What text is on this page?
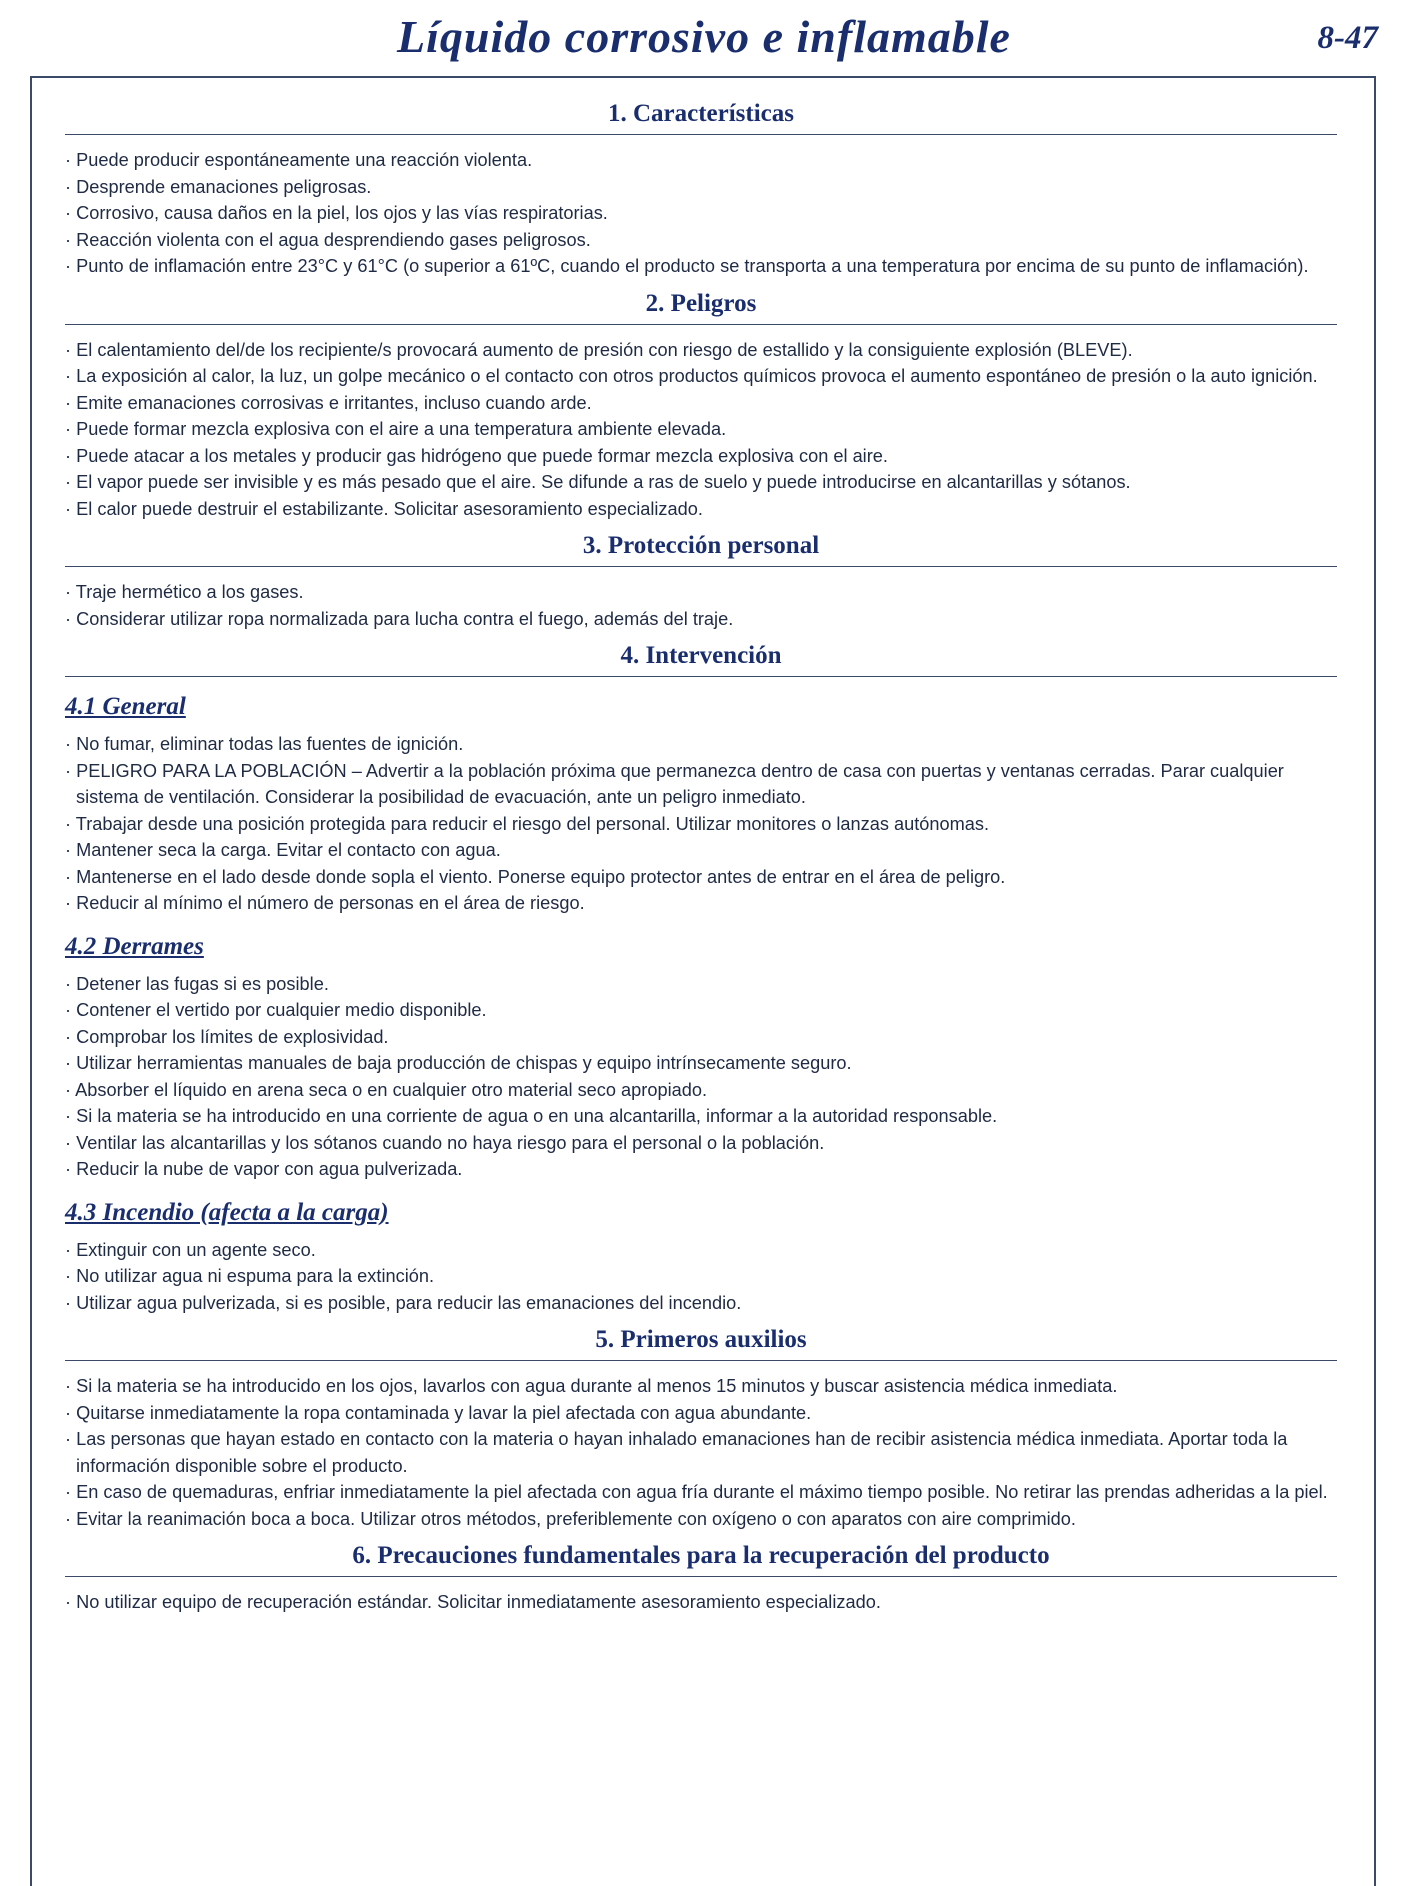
Líquido corrosivo e inflamable	8-47
1. Características
· Puede producir espontáneamente una reacción violenta.
· Desprende emanaciones peligrosas.
· Corrosivo, causa daños en la piel, los ojos y las vías respiratorias.
· Reacción violenta con el agua desprendiendo gases peligrosos.
· Punto de inflamación entre 23°C y 61°C (o superior a 61ºC, cuando el producto se transporta a una temperatura por encima de su punto de inflamación).
2. Peligros
· El calentamiento del/de los recipiente/s provocará aumento de presión con riesgo de estallido y la consiguiente explosión (BLEVE).
· La exposición al calor, la luz, un golpe mecánico o el contacto con otros productos químicos provoca el aumento espontáneo de presión o la auto ignición.
· Emite emanaciones corrosivas e irritantes, incluso cuando arde.
· Puede formar mezcla explosiva con el aire a una temperatura ambiente elevada.
· Puede atacar a los metales y producir gas hidrógeno que puede formar mezcla explosiva con el aire.
· El vapor puede ser invisible y es más pesado que el aire. Se difunde a ras de suelo y puede introducirse en alcantarillas y sótanos.
· El calor puede destruir el estabilizante. Solicitar asesoramiento especializado.
3. Protección personal
· Traje hermético a los gases.
· Considerar utilizar ropa normalizada para lucha contra el fuego, además del traje.
4. Intervención
4.1 General
· No fumar, eliminar todas las fuentes de ignición.
· PELIGRO PARA LA POBLACIÓN – Advertir a la población próxima que permanezca dentro de casa con puertas y ventanas cerradas. Parar cualquier sistema de ventilación. Considerar la posibilidad de evacuación, ante un peligro inmediato.
· Trabajar desde una posición protegida para reducir el riesgo del personal. Utilizar monitores o lanzas autónomas.
· Mantener seca la carga. Evitar el contacto con agua.
· Mantenerse en el lado desde donde sopla el viento. Ponerse equipo protector antes de entrar en el área de peligro.
· Reducir al mínimo el número de personas en el área de riesgo.
4.2 Derrames
· Detener las fugas si es posible.
· Contener el vertido por cualquier medio disponible.
· Comprobar los límites de explosividad.
· Utilizar herramientas manuales de baja producción de chispas y equipo intrínsecamente seguro.
· Absorber el líquido en arena seca o en cualquier otro material seco apropiado.
· Si la materia se ha introducido en una corriente de agua o en una alcantarilla, informar a la autoridad responsable.
· Ventilar las alcantarillas y los sótanos cuando no haya riesgo para el personal o la población.
· Reducir la nube de vapor con agua pulverizada.
4.3 Incendio (afecta a la carga)
· Extinguir con un agente seco.
· No utilizar agua ni espuma para la extinción.
· Utilizar agua pulverizada, si es posible, para reducir las emanaciones del incendio.
5. Primeros auxilios
· Si la materia se ha introducido en los ojos, lavarlos con agua durante al menos 15 minutos y buscar asistencia médica inmediata.
· Quitarse inmediatamente la ropa contaminada y lavar la piel afectada con agua abundante.
· Las personas que hayan estado en contacto con la materia o hayan inhalado emanaciones han de recibir asistencia médica inmediata. Aportar toda la información disponible sobre el producto.
· En caso de quemaduras, enfriar inmediatamente la piel afectada con agua fría durante el máximo tiempo posible. No retirar las prendas adheridas a la piel.
· Evitar la reanimación boca a boca. Utilizar otros métodos, preferiblemente con oxígeno o con aparatos con aire comprimido.
6. Precauciones fundamentales para la recuperación del producto
· No utilizar equipo de recuperación estándar. Solicitar inmediatamente asesoramiento especializado.
